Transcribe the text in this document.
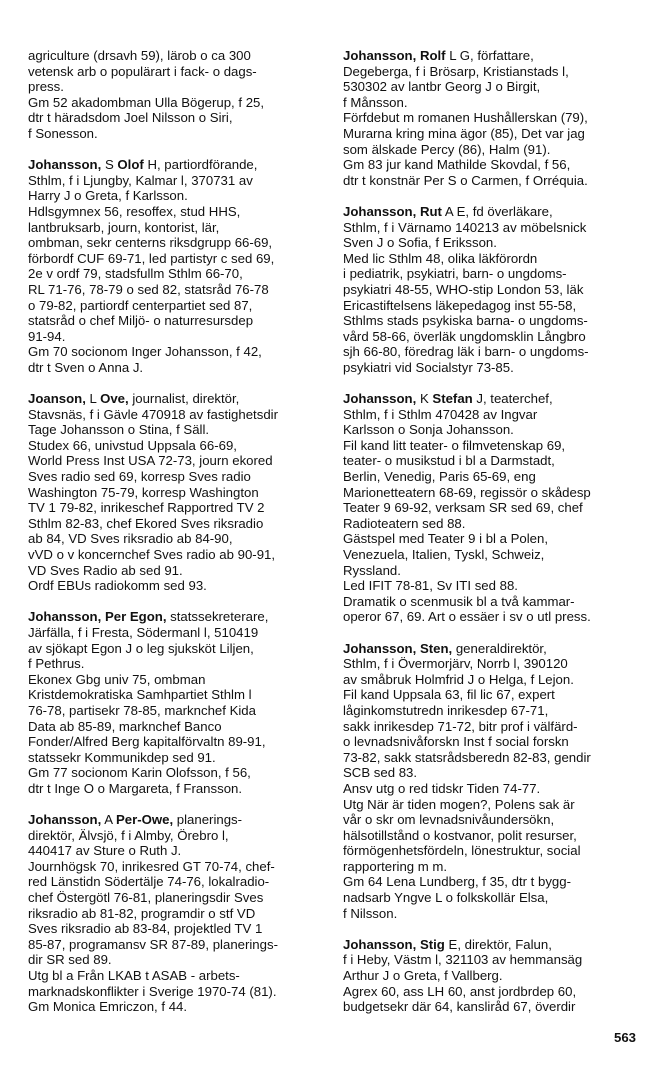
agriculture (drsavh 59), lärob o ca 300
vetensk arb o populärart i fack- o dags-
press.
Gm 52 akadombman Ulla Bögerup, f 25,
dtr t häradsdom Joel Nilsson o Siri,
f Sonesson.
Johansson, S Olof H, partiordförande,
Sthlm, f i Ljungby, Kalmar l, 370731 av
Harry J o Greta, f Karlsson.
Hdlsgymnex 56, resoffex, stud HHS,
lantbruksarb, journ, kontorist, lär,
ombman, sekr centerns riksdgrupp 66-69,
förbordf CUF 69-71, led partistyr c sed 69,
2e v ordf 79, stadsfullm Sthlm 66-70,
RL 71-76, 78-79 o sed 82, statsråd 76-78
o 79-82, partiordf centerpartiet sed 87,
statsråd o chef Miljö- o naturresursdep
91-94.
Gm 70 socionom Inger Johansson, f 42,
dtr t Sven o Anna J.
Joanson, L Ove, journalist, direktör,
Stavsnäs, f i Gävle 470918 av fastighetsdir
Tage Johansson o Stina, f Säll.
Studex 66, univstud Uppsala 66-69,
World Press Inst USA 72-73, journ ekored
Sves radio sed 69, korresp Sves radio
Washington 75-79, korresp Washington
TV 1 79-82, inrikeschef Rapportred TV 2
Sthlm 82-83, chef Ekored Sves riksradio
ab 84, VD Sves riksradio ab 84-90,
vVD o v koncernchef Sves radio ab 90-91,
VD Sves Radio ab sed 91.
Ordf EBUs radiokomm sed 93.
Johansson, Per Egon, statssekreterare,
Järfälla, f i Fresta, Södermanl l, 510419
av sjökapt Egon J o leg sjuksköt Liljen,
f Pethrus.
Ekonex Gbg univ 75, ombman
Kristdemokratiska Samhpartiet Sthlm l
76-78, partisekr 78-85, marknchef Kida
Data ab 85-89, marknchef Banco
Fonder/Alfred Berg kapitalförvaltn 89-91,
statssekr Kommunikdep sed 91.
Gm 77 socionom Karin Olofsson, f 56,
dtr t Inge O o Margareta, f Fransson.
Johansson, A Per-Owe, planerings-
direktör, Älvsjö, f i Almby, Örebro l,
440417 av Sture o Ruth J.
Journhögsk 70, inrikesred GT 70-74, chef-
red Länstidn Södertälje 74-76, lokalradio-
chef Östergötl 76-81, planeringsdir Sves
riksradio ab 81-82, programdir o stf VD
Sves riksradio ab 83-84, projektled TV 1
85-87, programansv SR 87-89, planerings-
dir SR sed 89.
Utg bl a Från LKAB t ASAB - arbets-
marknadskonflikter i Sverige 1970-74 (81).
Gm Monica Emriczon, f 44.
Johansson, Rolf L G, författare,
Degeberga, f i Brösarp, Kristianstads l,
530302 av lantbr Georg J o Birgit,
f Månsson.
Förfdebut m romanen Hushållerskan (79),
Murarna kring mina ägor (85), Det var jag
som älskade Percy (86), Halm (91).
Gm 83 jur kand Mathilde Skovdal, f 56,
dtr t konstnär Per S o Carmen, f Orréquia.
Johansson, Rut A E, fd överläkare,
Sthlm, f i Värnamo 140213 av möbelsnick
Sven J o Sofia, f Eriksson.
Med lic Sthlm 48, olika läkförordn
i pediatrik, psykiatri, barn- o ungdoms-
psykiatri 48-55, WHO-stip London 53, läk
Ericastiftelsens läkepedagog inst 55-58,
Sthlms stads psykiska barna- o ungdoms-
vård 58-66, överläk ungdomsklin Långbro
sjh 66-80, föredrag läk i barn- o ungdoms-
psykiatri vid Socialstyr 73-85.
Johansson, K Stefan J, teaterchef,
Sthlm, f i Sthlm 470428 av Ingvar
Karlsson o Sonja Johansson.
Fil kand litt teater- o filmvetenskap 69,
teater- o musikstud i bl a Darmstadt,
Berlin, Venedig, Paris 65-69, eng
Marionetteatern 68-69, regissör o skådesp
Teater 9 69-92, verksam SR sed 69, chef
Radioteatern sed 88.
Gästspel med Teater 9 i bl a Polen,
Venezuela, Italien, Tyskl, Schweiz,
Ryssland.
Led IFIT 78-81, Sv ITI sed 88.
Dramatik o scenmusik bl a två kammar-
operor 67, 69. Art o essäer i sv o utl press.
Johansson, Sten, generaldirektör,
Sthlm, f i Övermorjärv, Norrb l, 390120
av småbruk Holmfrid J o Helga, f Lejon.
Fil kand Uppsala 63, fil lic 67, expert
låginkomstutredn inrikesdep 67-71,
sakk inrikesdep 71-72, bitr prof i välfärd-
o levnadsnivåforskn Inst f social forskn
73-82, sakk statsrådsberedn 82-83, gendir
SCB sed 83.
Ansv utg o red tidskr Tiden 74-77.
Utg När är tiden mogen?, Polens sak är
vår o skr om levnadsnivåundersökn,
hälsotillstånd o kostvanor, polit resurser,
förmögenhetsfördeln, lönestruktur, social
rapportering m m.
Gm 64 Lena Lundberg, f 35, dtr t bygg-
nadsarb Yngve L o folkskollär Elsa,
f Nilsson.
Johansson, Stig E, direktör, Falun,
f i Heby, Västm l, 321103 av hemmansäg
Arthur J o Greta, f Vallberg.
Agrex 60, ass LH 60, anst jordbrdep 60,
budgetsekr där 64, kansliråd 67, överdir
563
